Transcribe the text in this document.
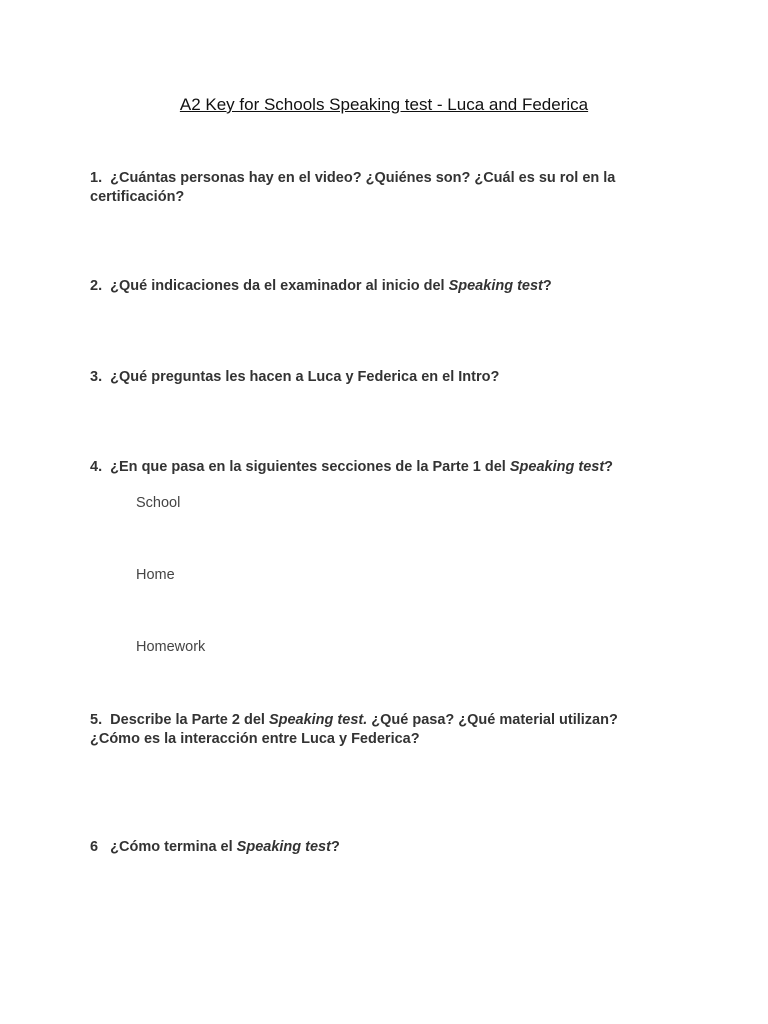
A2 Key for Schools Speaking test - Luca and Federica

1. ¿Cuántas personas hay en el video? ¿Quiénes son? ¿Cuál es su rol en la certificación?

2. ¿Qué indicaciones da el examinador al inicio del Speaking test?

3. ¿Qué preguntas les hacen a Luca y Federica en el Intro?

4. ¿En que pasa en la siguientes secciones de la Parte 1 del Speaking test?

School

Home

Homework

5. Describe la Parte 2 del Speaking test. ¿Qué pasa? ¿Qué material utilizan? ¿Cómo es la interacción entre Luca y Federica?

6 ¿Cómo termina el Speaking test?
